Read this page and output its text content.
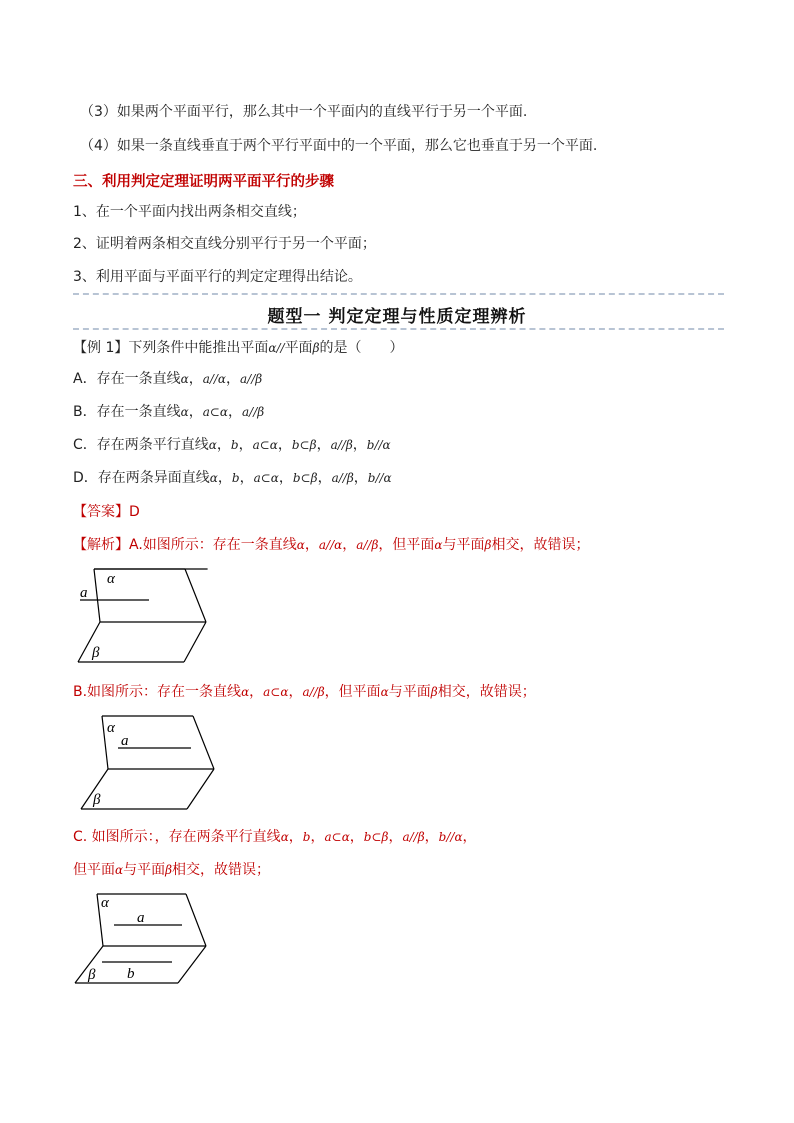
（3）如果两个平面平行，那么其中一个平面内的直线平行于另一个平面.
（4）如果一条直线垂直于两个平行平面中的一个平面，那么它也垂直于另一个平面.
三、利用判定定理证明两平面平行的步骤
1、在一个平面内找出两条相交直线；
2、证明着两条相交直线分别平行于另一个平面；
3、利用平面与平面平行的判定定理得出结论。
题型一 判定定理与性质定理辨析
【例 1】下列条件中能推出平面α//平面β的是（　　）
A．存在一条直线α，a//α，a//β
B．存在一条直线α，a⊂α，a//β
C．存在两条平行直线α，b，a⊂α，b⊂β，a//β，b//α
D．存在两条异面直线α，b，a⊂α，b⊂β，a//β，b//α
【答案】D
【解析】A.如图所示：存在一条直线α，a//α，a//β，但平面α与平面β相交，故错误；
α
a
β
B.如图所示：存在一条直线α，a⊂α，a//β，但平面α与平面β相交，故错误；
α
a
β
C. 如图所示：，存在两条平行直线α，b，a⊂α，b⊂β，a//β，b//α，
但平面α与平面β相交，故错误；
α
a
β b
